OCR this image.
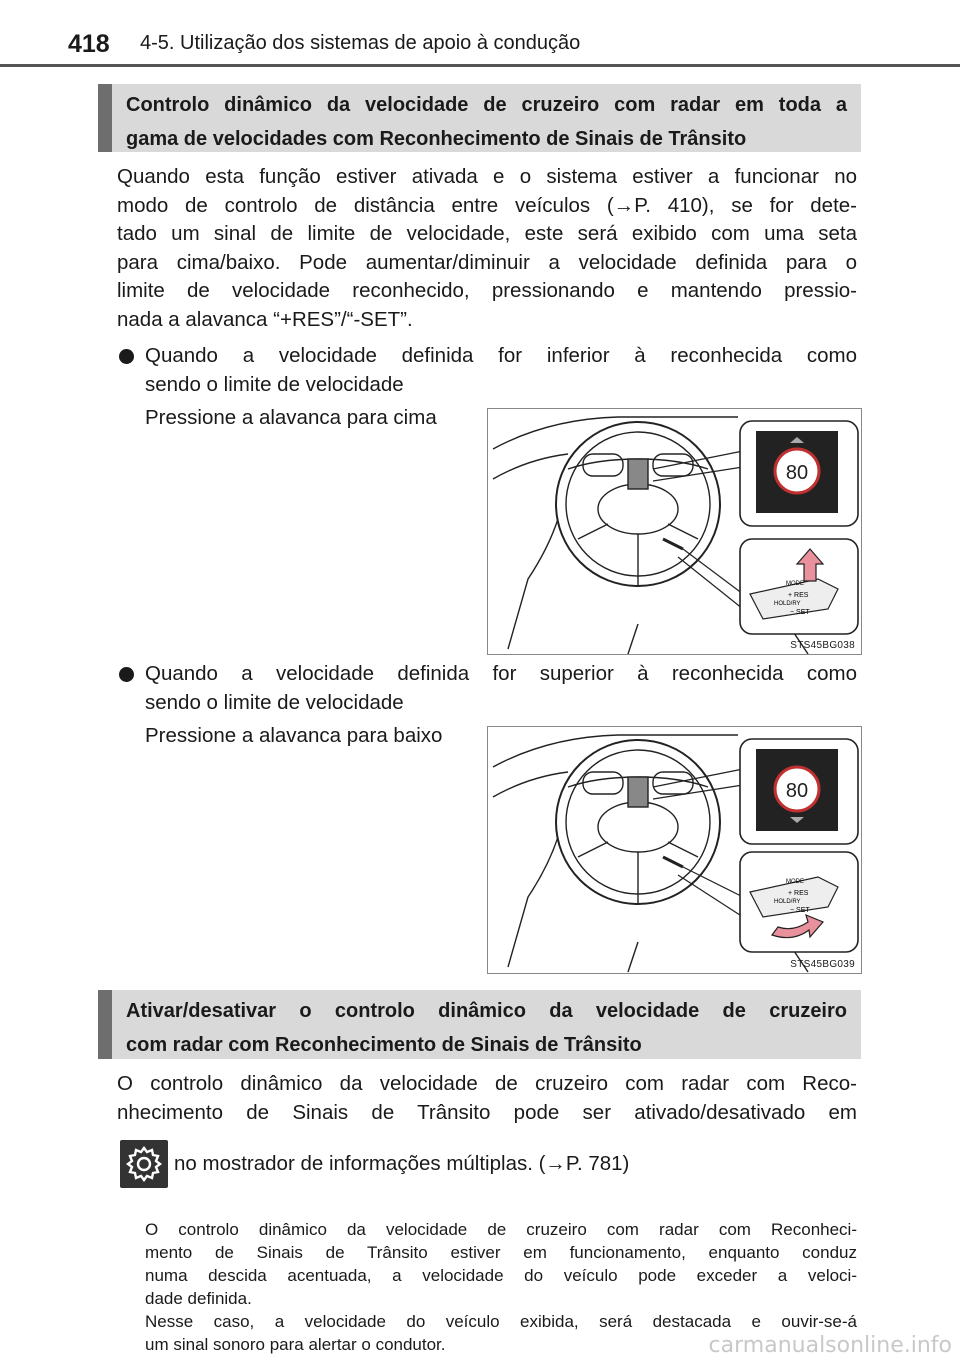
418 4-5. Utilização dos sistemas de apoio à condução
Controlo dinâmico da velocidade de cruzeiro com radar em toda a
gama de velocidades com Reconhecimento de Sinais de Trânsito
Quando esta função estiver ativada e o sistema estiver a funcionar no
modo de controlo de distância entre veículos (→P. 410), se for dete-
tado um sinal de limite de velocidade, este será exibido com uma seta
para cima/baixo. Pode aumentar/diminuir a velocidade definida para o
limite de velocidade reconhecido, pressionando e mantendo pressio-
nada a alavanca “+RES”/“-SET”.
Quando a velocidade definida for inferior à reconhecida como
sendo o limite de velocidade
Pressione a alavanca para cima
80
MODE
+ RES
HOLD/RY
− SET
STS45BG038
Quando a velocidade definida for superior à reconhecida como
sendo o limite de velocidade
Pressione a alavanca para baixo
80
MODE
+ RES
HOLD/RY
− SET
STS45BG039
Ativar/desativar o controlo dinâmico da velocidade de cruzeiro
com radar com Reconhecimento de Sinais de Trânsito
O controlo dinâmico da velocidade de cruzeiro com radar com Reco-
nhecimento de Sinais de Trânsito pode ser ativado/desativado em
no mostrador de informações múltiplas. (→P. 781)
O controlo dinâmico da velocidade de cruzeiro com radar com Reconheci-
mento de Sinais de Trânsito estiver em funcionamento, enquanto conduz
numa descida acentuada, a velocidade do veículo pode exceder a veloci-
dade definida.
Nesse caso, a velocidade do veículo exibida, será destacada e ouvir-se-á
um sinal sonoro para alertar o condutor.	carmanualsonline.info
